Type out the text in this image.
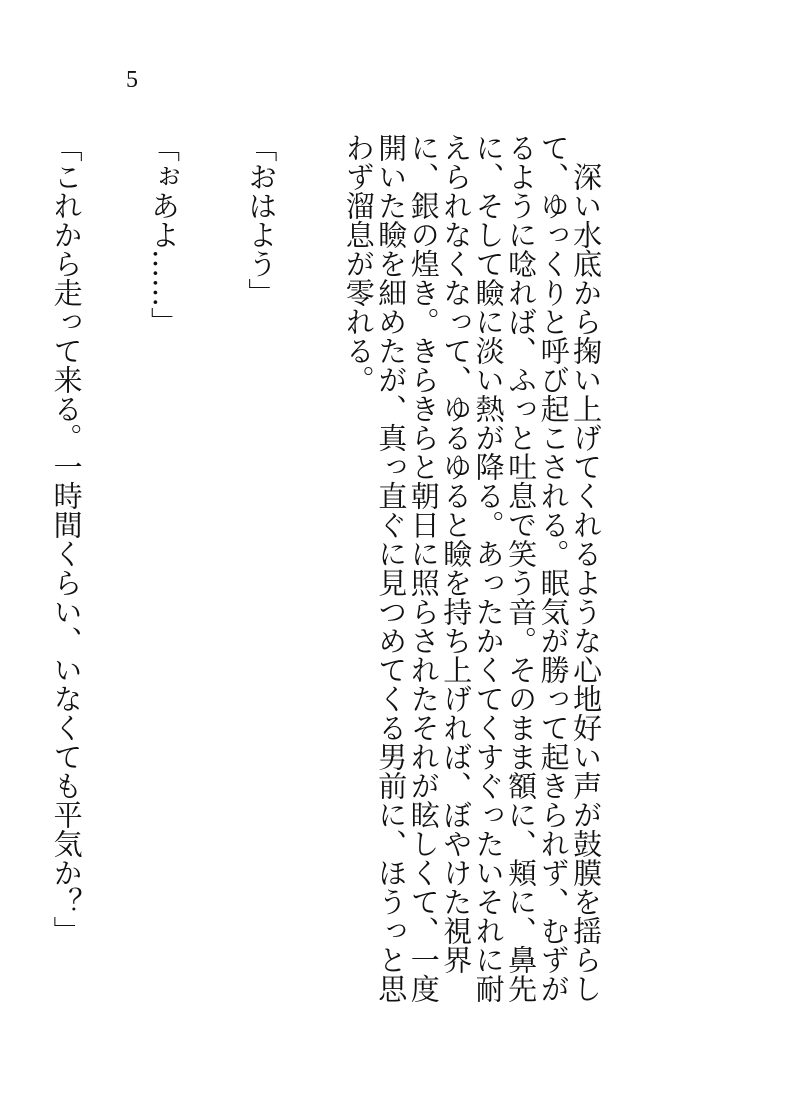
5

　深い水底から掬い上げてくれるような心地好い声が鼓膜を揺らして、ゆっくりと呼び起こされる。眠気が勝って起きられず、むずがるように唸れば、ふっと吐息で笑う音。そのまま額に、頬に、鼻先に、そして瞼に淡い熱が降る。あったかくてくすぐったいそれに耐えられなくなって、ゆるゆると瞼を持ち上げれば、ぼやけた視界に、銀の煌き。きらきらと朝日に照らされたそれが眩しくて、一度開いた瞼を細めたが、真っ直ぐに見つめてくる男前に、ほうっと思わず溜息が零れる。

「おはよう」

「ぉあよ……」

「これから走って来る。一時間くらい、いなくても平気か？」
